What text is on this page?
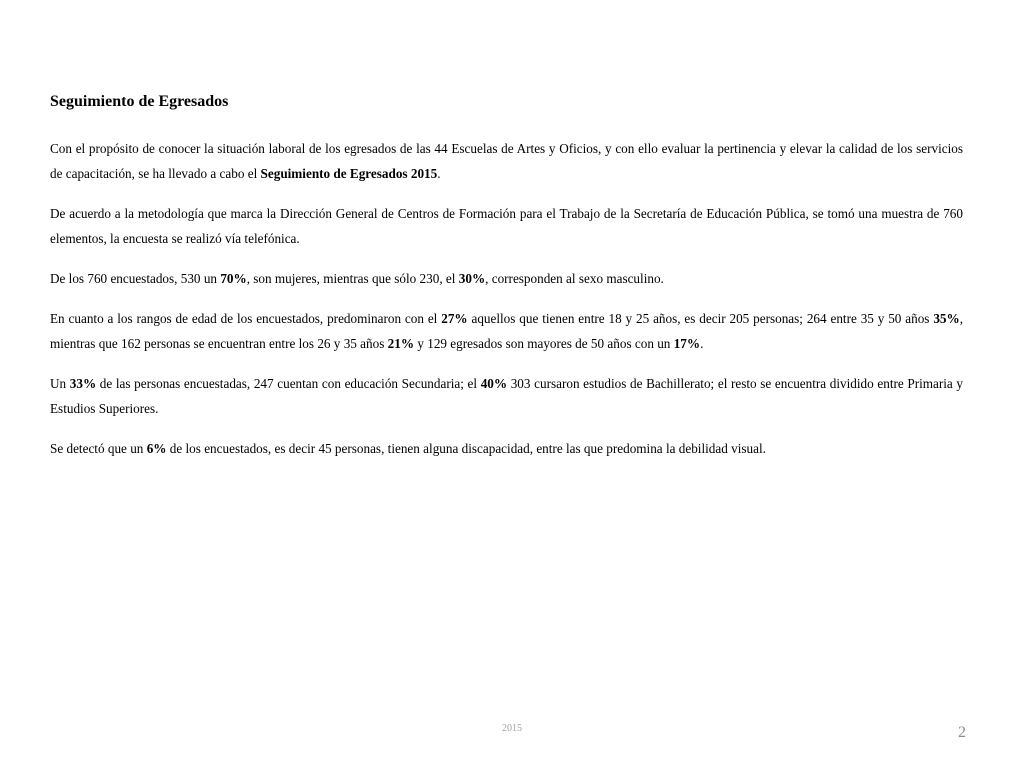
Seguimiento de Egresados

Con el propósito de conocer la situación laboral de los egresados de las 44 Escuelas de Artes y Oficios, y con ello evaluar la pertinencia y elevar la calidad de los servicios de capacitación, se ha llevado a cabo el Seguimiento de Egresados 2015.

De acuerdo a la metodología que marca la Dirección General de Centros de Formación para el Trabajo de la Secretaría de Educación Pública, se tomó una muestra de 760 elementos, la encuesta se realizó vía telefónica.

De los 760 encuestados, 530 un 70%, son mujeres, mientras que sólo 230, el 30%, corresponden al sexo masculino.

En cuanto a los rangos de edad de los encuestados, predominaron con el 27% aquellos que tienen entre 18 y 25 años, es decir 205 personas; 264 entre 35 y 50 años 35%, mientras que 162 personas se encuentran entre los 26 y 35 años 21% y 129 egresados son mayores de 50 años con un 17%.

Un 33% de las personas encuestadas, 247 cuentan con educación Secundaria; el 40% 303 cursaron estudios de Bachillerato; el resto se encuentra dividido entre Primaria y Estudios Superiores.

Se detectó que un 6% de los encuestados, es decir 45 personas, tienen alguna discapacidad, entre las que predomina la debilidad visual.

2015	2
